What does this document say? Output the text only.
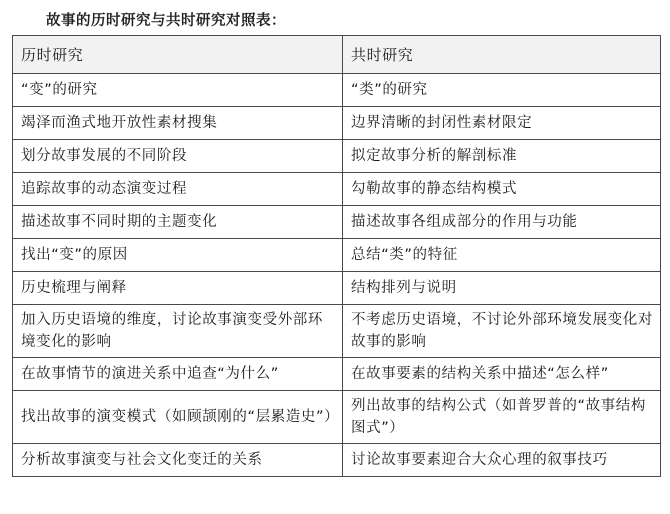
故事的历时研究与共时研究对照表：
历时研究	共时研究
“变”的研究	“类”的研究
竭泽而渔式地开放性素材搜集	边界清晰的封闭性素材限定
划分故事发展的不同阶段	拟定故事分析的解剖标准
追踪故事的动态演变过程	勾勒故事的静态结构模式
描述故事不同时期的主题变化	描述故事各组成部分的作用与功能
找出“变”的原因	总结“类”的特征
历史梳理与阐释	结构排列与说明
加入历史语境的维度，讨论故事演变受外部环境变化的影响	不考虑历史语境，不讨论外部环境发展变化对故事的影响
在故事情节的演进关系中追查“为什么”	在故事要素的结构关系中描述“怎么样”
找出故事的演变模式（如顾颉刚的“层累造史”）	列出故事的结构公式（如普罗普的“故事结构图式”）
分析故事演变与社会文化变迁的关系	讨论故事要素迎合大众心理的叙事技巧
